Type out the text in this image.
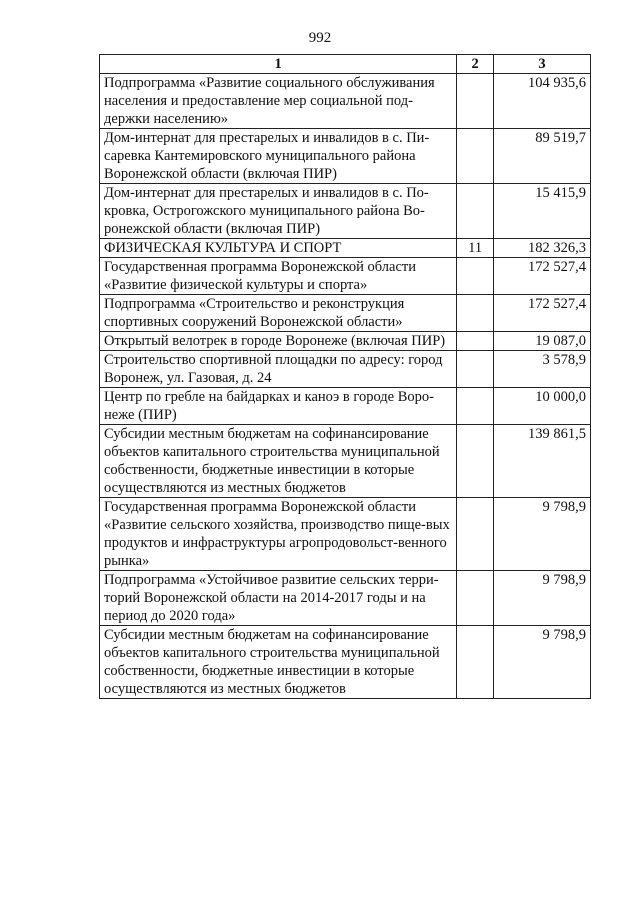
992
1	2	3
Подпрограмма «Развитие социального обслуживания населения и предоставление мер социальной под-держки населению»		104 935,6
Дом-интернат для престарелых и инвалидов в с. Пи-саревка Кантемировского муниципального района Воронежской области (включая ПИР)		89 519,7
Дом-интернат для престарелых и инвалидов в с. По-кровка, Острогожского муниципального района Во-ронежской области (включая ПИР)		15 415,9
ФИЗИЧЕСКАЯ КУЛЬТУРА И СПОРТ	11	182 326,3
Государственная программа Воронежской области «Развитие физической культуры и спорта»		172 527,4
Подпрограмма «Строительство и реконструкция спортивных сооружений Воронежской области»		172 527,4
Открытый велотрек в городе Воронеже (включая ПИР)		19 087,0
Строительство спортивной площадки по адресу: город Воронеж, ул. Газовая, д. 24		3 578,9
Центр по гребле на байдарках и каноэ в городе Воро-неже (ПИР)		10 000,0
Субсидии местным бюджетам на софинансирование объектов капитального строительства муниципальной собственности, бюджетные инвестиции в которые осуществляются из местных бюджетов		139 861,5
Государственная программа Воронежской области «Развитие сельского хозяйства, производство пище-вых продуктов и инфраструктуры агропродовольст-венного рынка»		9 798,9
Подпрограмма «Устойчивое развитие сельских терри-торий Воронежской области на 2014-2017 годы и на период до 2020 года»		9 798,9
Субсидии местным бюджетам на софинансирование объектов капитального строительства муниципальной собственности, бюджетные инвестиции в которые осуществляются из местных бюджетов		9 798,9
